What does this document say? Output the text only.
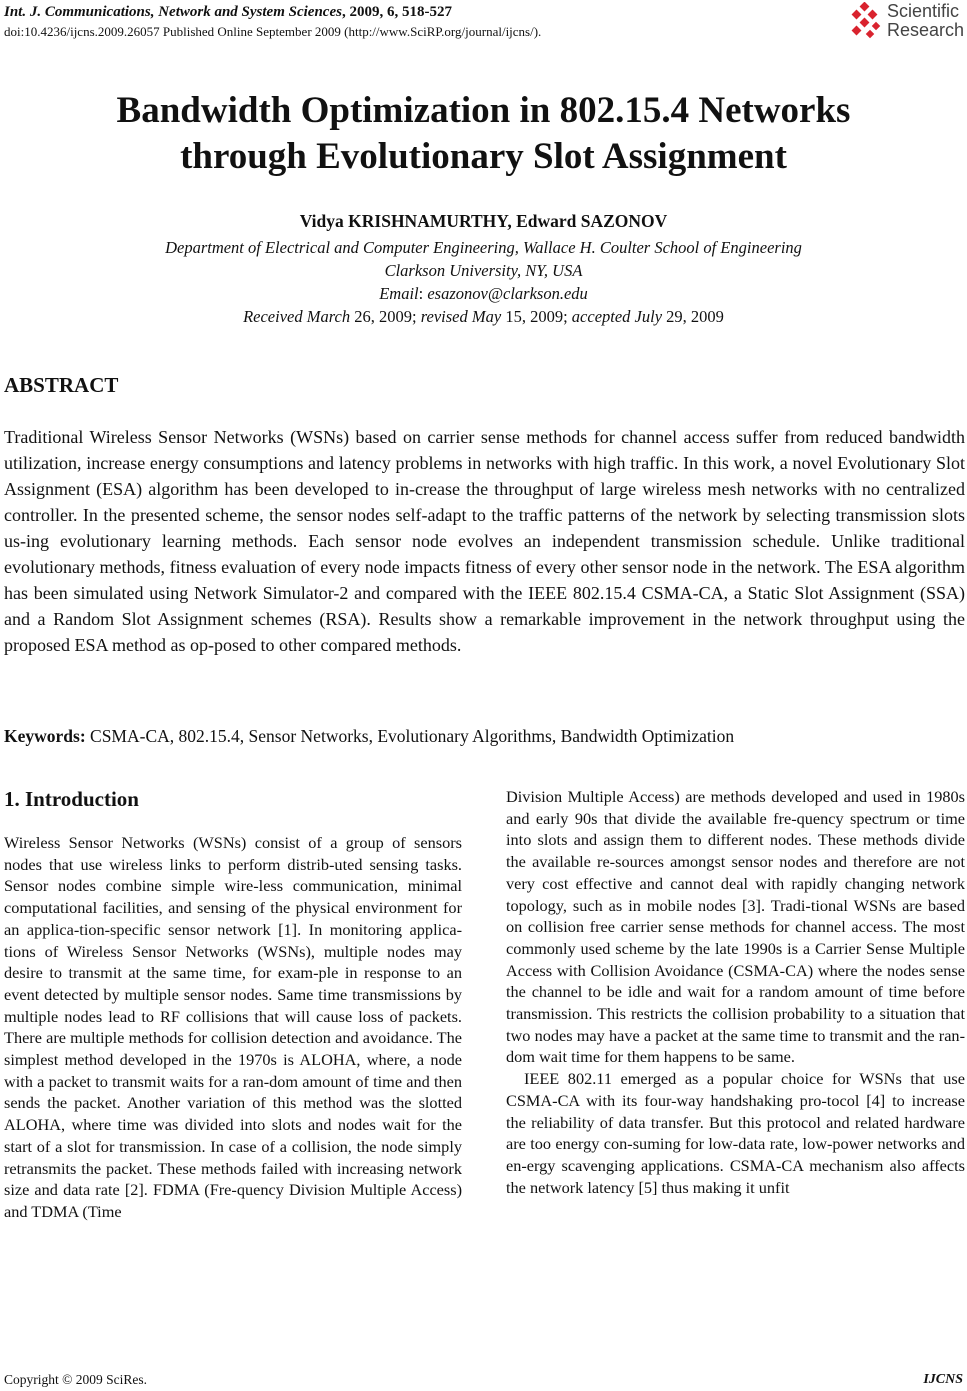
Int. J. Communications, Network and System Sciences, 2009, 6, 518-527
doi:10.4236/ijcns.2009.26057 Published Online September 2009 (http://www.SciRP.org/journal/ijcns/).
Scientific
Research
Bandwidth Optimization in 802.15.4 Networks
through Evolutionary Slot Assignment
Vidya KRISHNAMURTHY, Edward SAZONOV
Department of Electrical and Computer Engineering, Wallace H. Coulter School of Engineering
Clarkson University, NY, USA
Email: esazonov@clarkson.edu
Received March 26, 2009; revised May 15, 2009; accepted July 29, 2009
ABSTRACT
Traditional Wireless Sensor Networks (WSNs) based on carrier sense methods for channel access suffer from reduced bandwidth utilization, increase energy consumptions and latency problems in networks with high traffic. In this work, a novel Evolutionary Slot Assignment (ESA) algorithm has been developed to in-crease the throughput of large wireless mesh networks with no centralized controller. In the presented scheme, the sensor nodes self-adapt to the traffic patterns of the network by selecting transmission slots us-ing evolutionary learning methods. Each sensor node evolves an independent transmission schedule. Unlike traditional evolutionary methods, fitness evaluation of every node impacts fitness of every other sensor node in the network. The ESA algorithm has been simulated using Network Simulator-2 and compared with the IEEE 802.15.4 CSMA-CA, a Static Slot Assignment (SSA) and a Random Slot Assignment schemes (RSA). Results show a remarkable improvement in the network throughput using the proposed ESA method as op-posed to other compared methods.
Keywords: CSMA-CA, 802.15.4, Sensor Networks, Evolutionary Algorithms, Bandwidth Optimization
1. Introduction

Wireless Sensor Networks (WSNs) consist of a group of sensors nodes that use wireless links to perform distrib-uted sensing tasks. Sensor nodes combine simple wire-less communication, minimal computational facilities, and sensing of the physical environment for an applica-tion-specific sensor network [1]. In monitoring applica-tions of Wireless Sensor Networks (WSNs), multiple nodes may desire to transmit at the same time, for exam-ple in response to an event detected by multiple sensor nodes. Same time transmissions by multiple nodes lead to RF collisions that will cause loss of packets. There are multiple methods for collision detection and avoidance. The simplest method developed in the 1970s is ALOHA, where, a node with a packet to transmit waits for a ran-dom amount of time and then sends the packet. Another variation of this method was the slotted ALOHA, where time was divided into slots and nodes wait for the start of a slot for transmission. In case of a collision, the node simply retransmits the packet. These methods failed with increasing network size and data rate [2]. FDMA (Fre-quency Division Multiple Access) and TDMA (Time

Division Multiple Access) are methods developed and used in 1980s and early 90s that divide the available fre-quency spectrum or time into slots and assign them to different nodes. These methods divide the available re-sources amongst sensor nodes and therefore are not very cost effective and cannot deal with rapidly changing network topology, such as in mobile nodes [3]. Tradi-tional WSNs are based on collision free carrier sense methods for channel access. The most commonly used scheme by the late 1990s is a Carrier Sense Multiple Access with Collision Avoidance (CSMA-CA) where the nodes sense the channel to be idle and wait for a random amount of time before transmission. This restricts the collision probability to a situation that two nodes may have a packet at the same time to transmit and the ran-dom wait time for them happens to be same.

IEEE 802.11 emerged as a popular choice for WSNs that use CSMA-CA with its four-way handshaking pro-tocol [4] to increase the reliability of data transfer. But this protocol and related hardware are too energy con-suming for low-data rate, low-power networks and en-ergy scavenging applications. CSMA-CA mechanism also affects the network latency [5] thus making it unfit

Copyright © 2009 SciRes.	IJCNS
